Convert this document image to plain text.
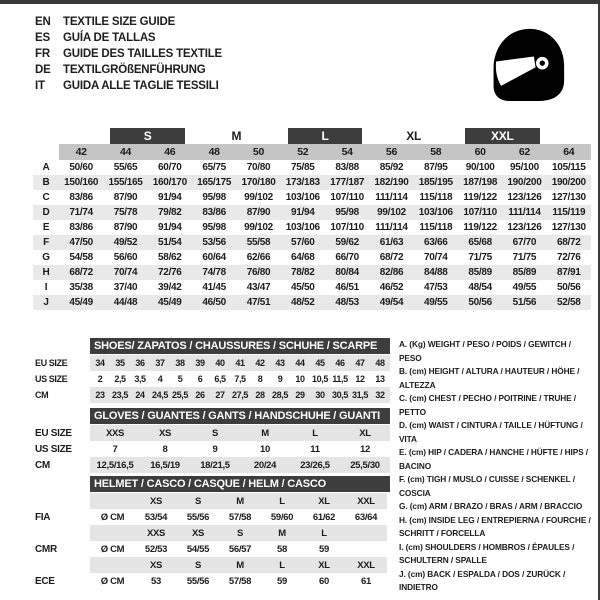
EN	TEXTILE SIZE GUIDE
ES	GUÍA DE TALLAS
FR	GUIDE DES TAILLES TEXTILE
DE	TEXTILGRÖßENFÜHRUNG
IT	GUIDA ALLE TAGLIE TESSILI

		S		M		L		XL		XXL		

	42	44	46	48	50	52	54	56	58	60	62	64
A	50/60	55/65	60/70	65/75	70/80	75/85	83/88	85/92	87/95	90/100	95/100	105/115
B	150/160	155/165	160/170	165/175	170/180	173/183	177/187	182/190	185/195	187/198	190/200	190/200
C	83/86	87/90	91/94	95/98	99/102	103/106	107/110	111/114	115/118	119/122	123/126	127/130
D	71/74	75/78	79/82	83/86	87/90	91/94	95/98	99/102	103/106	107/110	111/114	115/119
E	83/86	87/90	91/94	95/98	99/102	103/106	107/110	111/114	115/118	119/122	123/126	127/130
F	47/50	49/52	51/54	53/56	55/58	57/60	59/62	61/63	63/66	65/68	67/70	68/72
G	54/58	56/60	58/62	60/64	62/66	64/68	66/70	68/72	70/74	71/75	71/75	72/76
H	68/72	70/74	72/76	74/78	76/80	78/82	80/84	82/86	84/88	85/89	85/89	87/91
I	35/38	37/40	39/42	41/45	43/47	45/50	46/51	46/52	47/53	48/54	49/55	50/56
J	45/49	44/48	45/49	46/50	47/51	48/52	48/53	49/54	49/55	50/56	51/56	52/58
SHOES/ ZAPATOS / CHAUSSURES / SCHUHE / SCARPE
EU SIZE	34	35	36	37	38	39	40	41	42	43	44	45	46	47	48
US SIZE	2	2,5	3,5	4	5	6	6,5	7,5	8	9	10	10,5	11,5	12	13
CM	23	23,5	24	24,5	25,5	26	27	27,5	28	28,5	29	30	30,5	31,5	32
GLOVES / GUANTES / GANTS / HANDSCHUHE / GUANTI
EU SIZE	XXS	XS	S	M	L	XL
US SIZE	7	8	9	10	11	12
CM	12,5/16,5	16,5/19	18/21,5	20/24	23/26,5	25,5/30
HELMET / CASCO / CASQUE / HELM / CASCO
		XS	S	M	L	XL	XXL
FIA	Ø CM	53/54	55/56	57/58	59/60	61/62	63/64
		XXS	XS	S	M	L	
CMR	Ø CM	52/53	54/55	56/57	58	59	
		XS	S	M	L	XL	XXL
ECE	Ø CM	53	55/56	57/58	59	60	61
A. (Kg) WEIGHT / PESO / POIDS / GEWITCH / PESO
B. (cm) HEIGHT / ALTURA / HAUTEUR / HÖHE / ALTEZZA
C. (cm) CHEST / PECHO / POITRINE / TRUHE / PETTO
D. (cm) WAIST / CINTURA / TAILLE / HÜFTUNG / VITA
E. (cm) HIP / CADERA / HANCHE / HÜFTE / HIPS / BACINO
F. (cm) TIGH / MUSLO / CUISSE / SCHENKEL / COSCIA
G. (cm) ARM / BRAZO / BRAS / ARM / BRACCIO
H. (cm) INSIDE LEG / ENTREPIERNA / FOURCHE / SCHRITT / FORCELLA
I. (cm) SHOULDERS / HOMBROS / ÉPAULES / SCHULTERN / SPALLE
J. (cm) BACK / ESPALDA / DOS / ZURÜCK / INDIETRO
